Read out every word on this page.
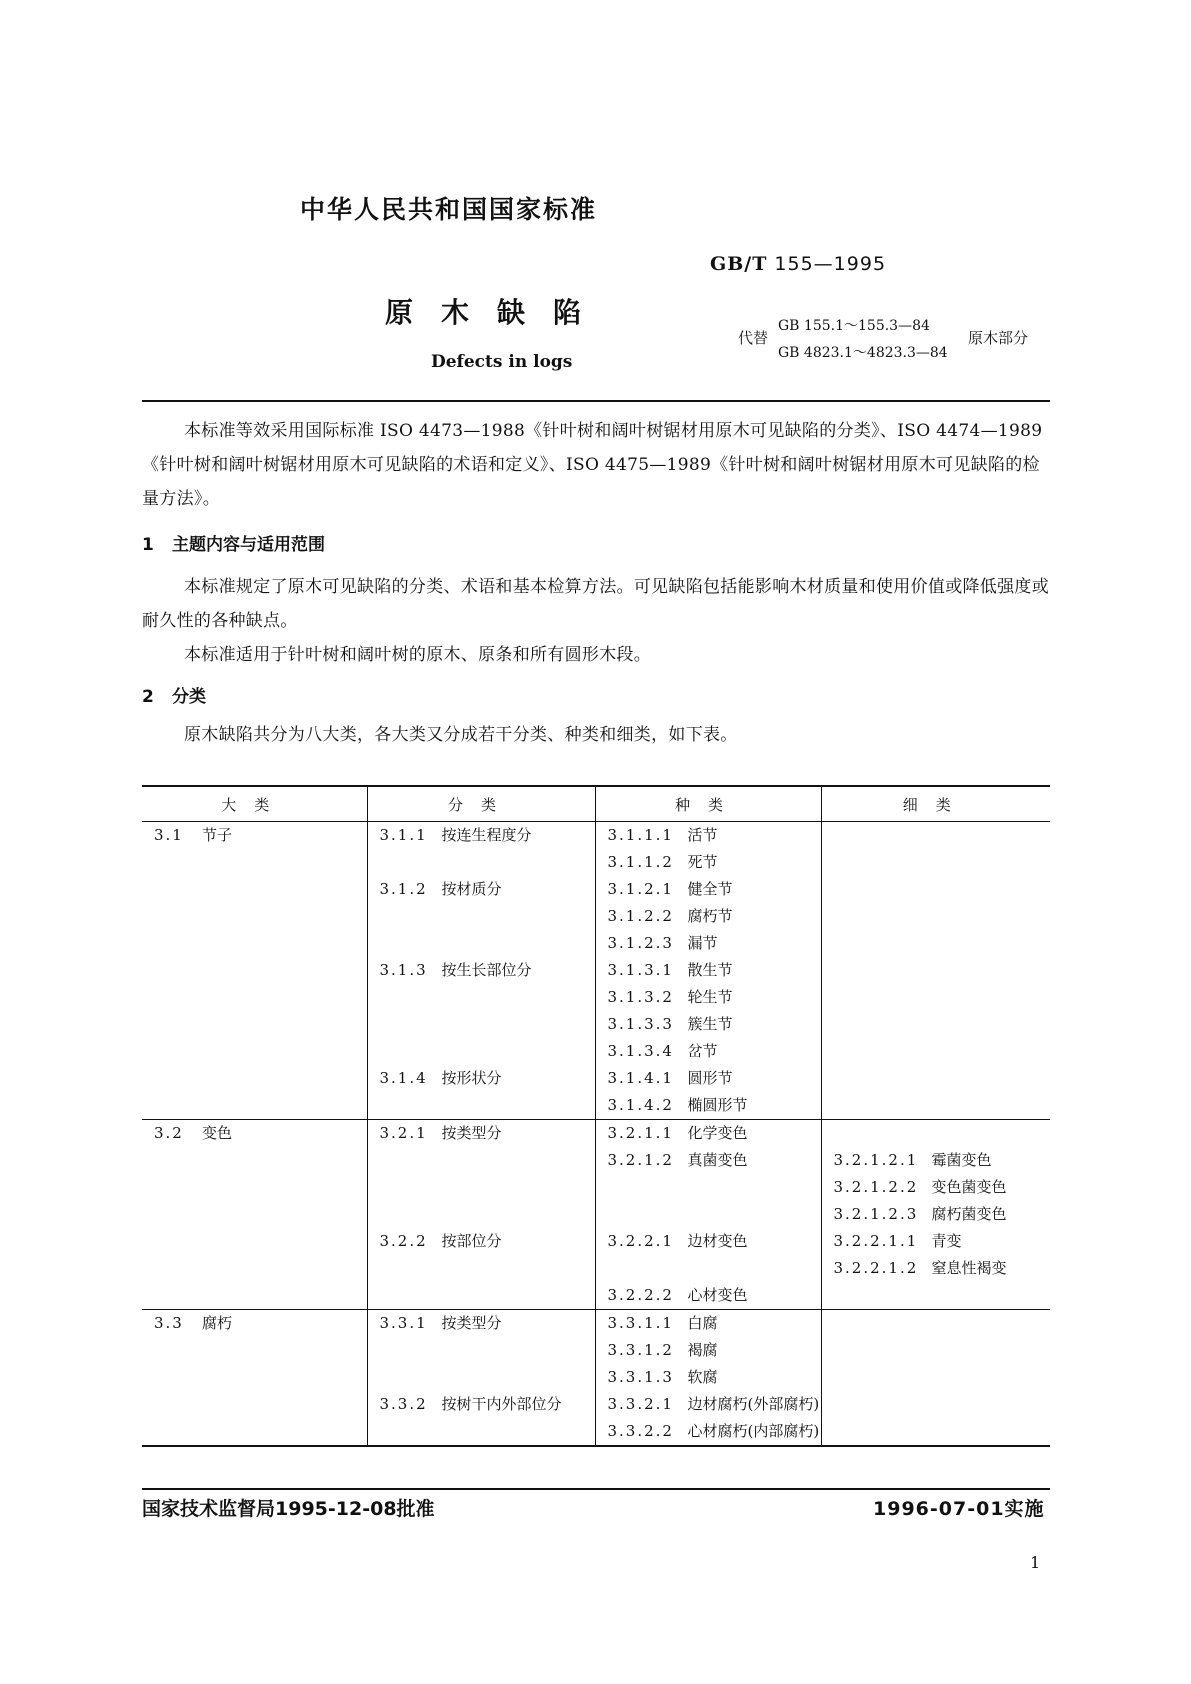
中华人民共和国国家标准
GB/T 155—1995
原木缺陷
Defects in logs
代替
GB 155.1～155.3—84
GB 4823.1～4823.3—84
原木部分

本标准等效采用国际标准 ISO 4473—1988《针叶树和阔叶树锯材用原木可见缺陷的分类》、ISO 4474—1989《针叶树和阔叶树锯材用原木可见缺陷的术语和定义》、ISO 4475—1989《针叶树和阔叶树锯材用原木可见缺陷的检量方法》。

1 主题内容与适用范围

本标准规定了原木可见缺陷的分类、术语和基本检算方法。可见缺陷包括能影响木材质量和使用价值或降低强度或耐久性的各种缺点。

本标准适用于针叶树和阔叶树的原木、原条和所有圆形木段。

2 分类

原木缺陷共分为八大类，各大类又分成若干分类、种类和细类，如下表。

大类	分类	种类	细类
3.1 节子	3.1.1 按连生程度分	3.1.1.1 活节	
		3.1.1.2 死节	
	3.1.2 按材质分	3.1.2.1 健全节	
		3.1.2.2 腐朽节	
		3.1.2.3 漏节	
	3.1.3 按生长部位分	3.1.3.1 散生节	
		3.1.3.2 轮生节	
		3.1.3.3 簇生节	
		3.1.3.4 岔节	
	3.1.4 按形状分	3.1.4.1 圆形节	
		3.1.4.2 椭圆形节	
3.2 变色	3.2.1 按类型分	3.2.1.1 化学变色	
		3.2.1.2 真菌变色	3.2.1.2.1 霉菌变色
			3.2.1.2.2 变色菌变色
			3.2.1.2.3 腐朽菌变色
	3.2.2 按部位分	3.2.2.1 边材变色	3.2.2.1.1 青变
			3.2.2.1.2 窒息性褐变
		3.2.2.2 心材变色	
3.3 腐朽	3.3.1 按类型分	3.3.1.1 白腐	
		3.3.1.2 褐腐	
		3.3.1.3 软腐	
	3.3.2 按树干内外部位分	3.3.2.1 边材腐朽(外部腐朽)	
		3.3.2.2 心材腐朽(内部腐朽)	
国家技术监督局1995-12-08批准	1996-07-01实施
1
